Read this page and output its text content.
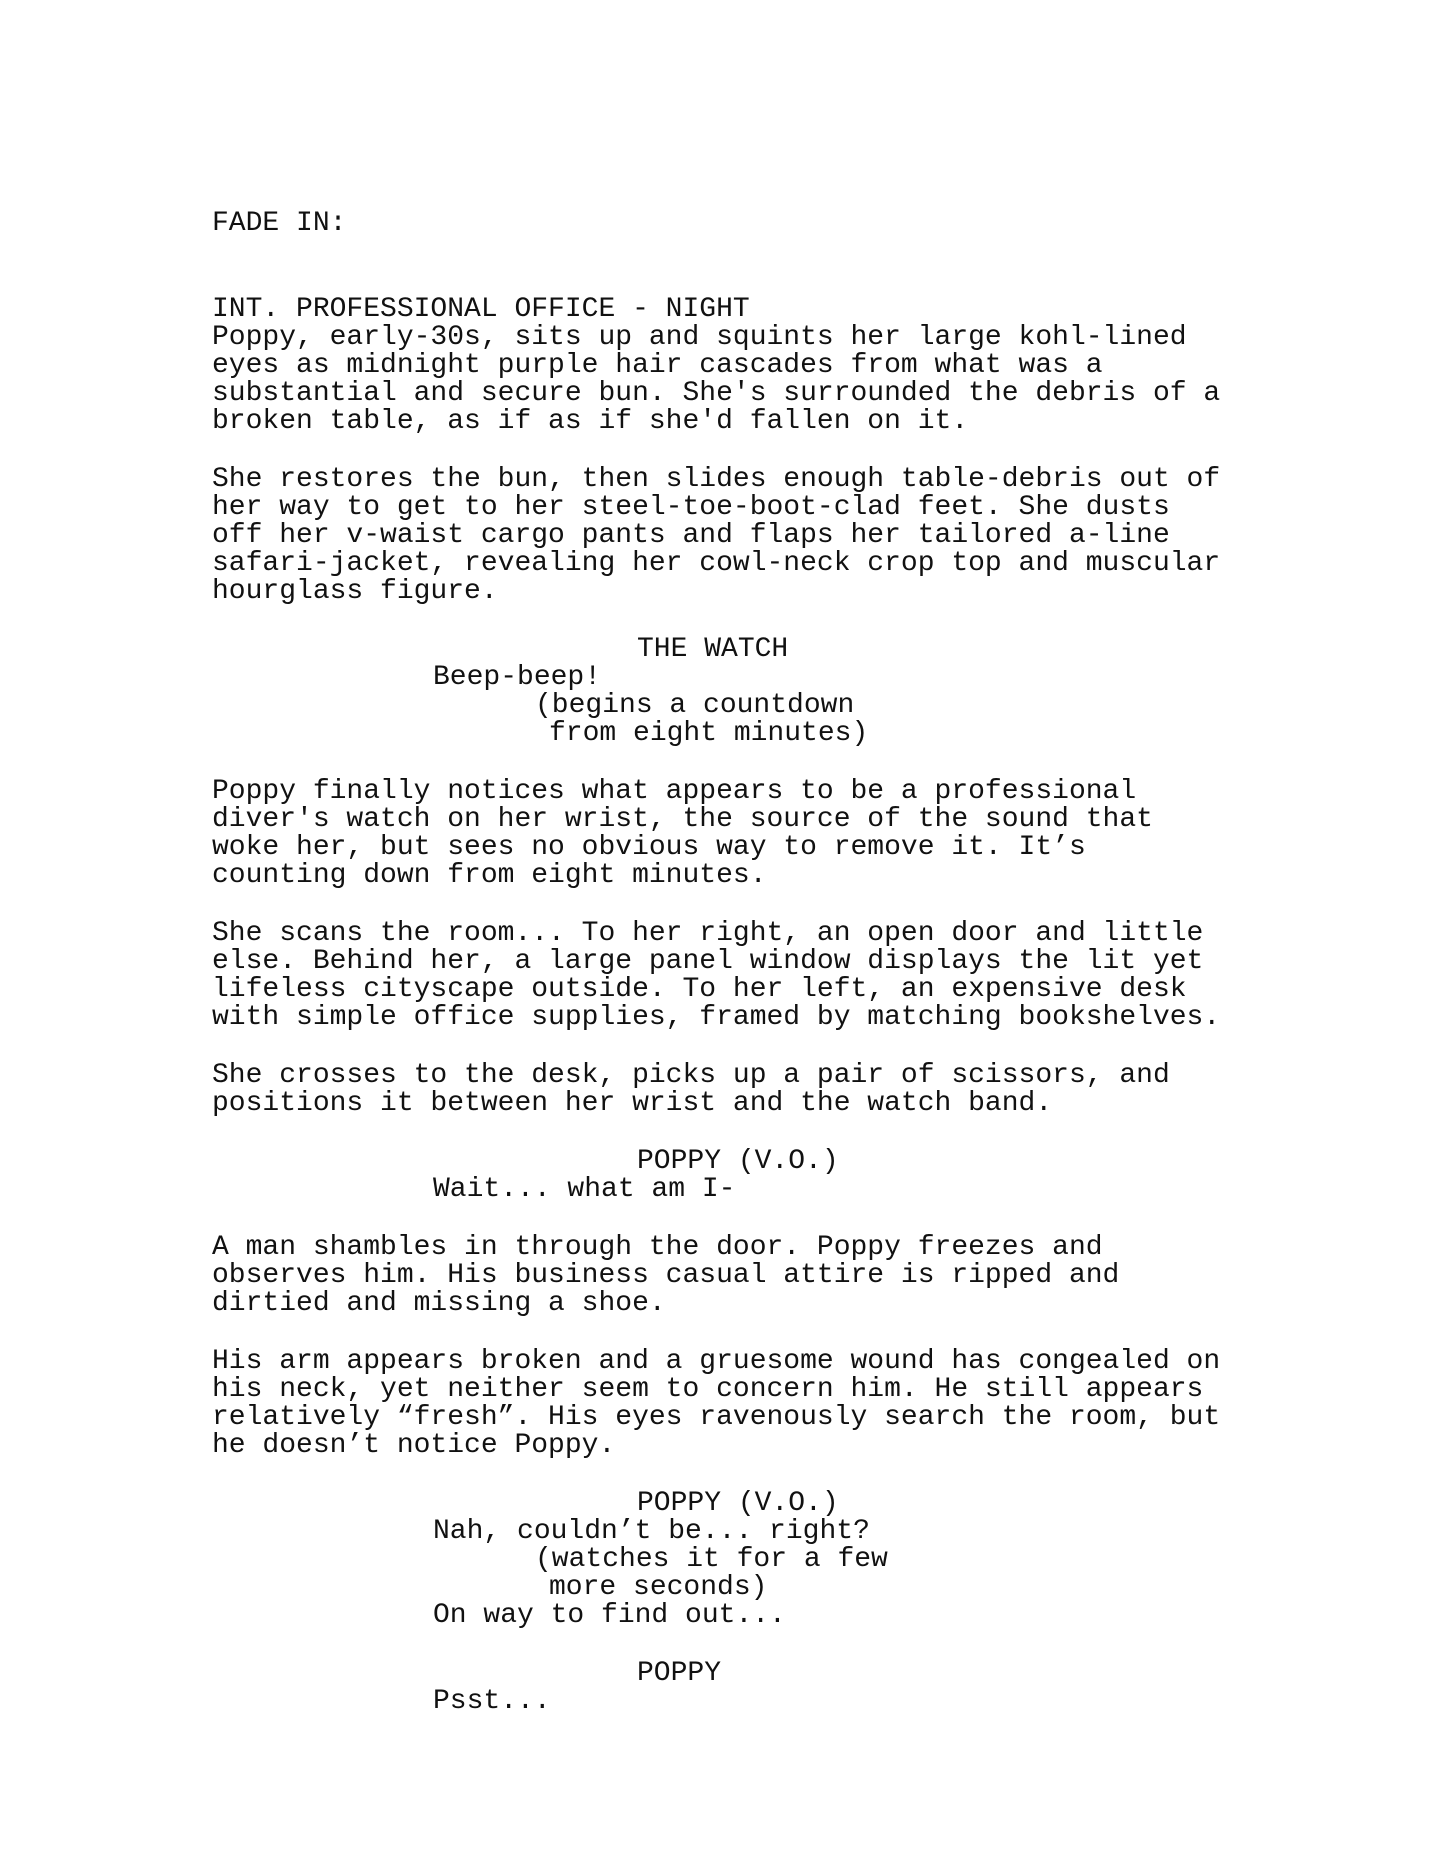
FADE IN:

INT. PROFESSIONAL OFFICE - NIGHT

Poppy, early-30s, sits up and squints her large kohl-lined

eyes as midnight purple hair cascades from what was a

substantial and secure bun. She's surrounded the debris of a

broken table, as if as if she'd fallen on it.

She restores the bun, then slides enough table-debris out of

her way to get to her steel-toe-boot-clad feet. She dusts

off her v-waist cargo pants and flaps her tailored a-line

safari-jacket, revealing her cowl-neck crop top and muscular

hourglass figure.

THE WATCH

Beep-beep!

(begins a countdown

from eight minutes)

Poppy finally notices what appears to be a professional

diver's watch on her wrist, the source of the sound that

woke her, but sees no obvious way to remove it. It’s

counting down from eight minutes.

She scans the room... To her right, an open door and little

else. Behind her, a large panel window displays the lit yet

lifeless cityscape outside. To her left, an expensive desk

with simple office supplies, framed by matching bookshelves.

She crosses to the desk, picks up a pair of scissors, and

positions it between her wrist and the watch band.

POPPY (V.O.)

Wait... what am I-

A man shambles in through the door. Poppy freezes and

observes him. His business casual attire is ripped and

dirtied and missing a shoe.

His arm appears broken and a gruesome wound has congealed on

his neck, yet neither seem to concern him. He still appears

relatively “fresh”. His eyes ravenously search the room, but

he doesn’t notice Poppy.

POPPY (V.O.)

Nah, couldn’t be... right?

(watches it for a few

more seconds)

On way to find out...

POPPY

Psst...
